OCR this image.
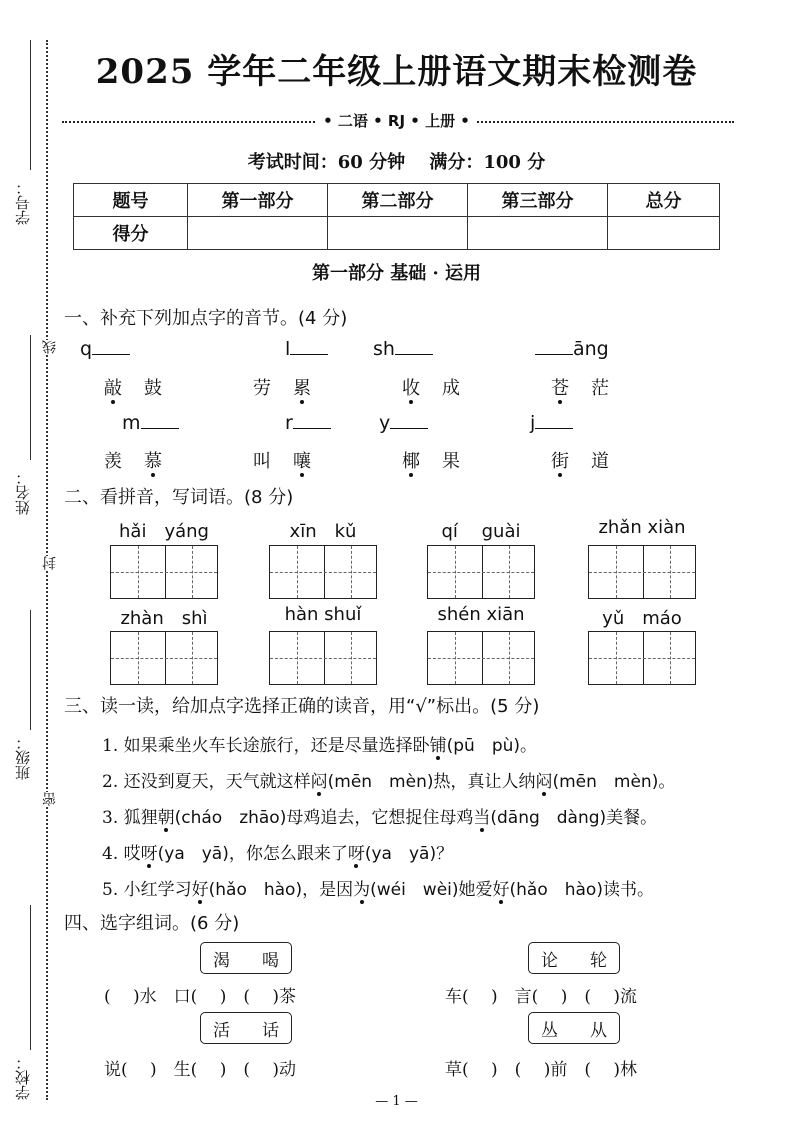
学号：
姓名：
班级：
学校：
线
封
密
2025 学年二年级上册语文期末检测卷
• 二语 • RJ • 上册 •
考试时间：60 分钟　 满分：100 分
题号	第一部分	第二部分	第三部分	总分
得分				
第一部分 基础 · 运用
一、补充下列加点字的音节。(4 分)
q
敲 鼓
l
劳 累
sh
收 成
āng
苍 茫
m
羡 慕
r
叫 嚷
y
椰 果
j
街 道
二、看拼音，写词语。(8 分)
hǎi　yáng	xīn　kǔ	qí　 guài	zhǎn xiàn
zhàn　shì	hàn shuǐ	shén xiān	yǔ　máo
三、读一读，给加点字选择正确的读音，用“√”标出。(5 分)
1. 如果乘坐火车长途旅行，还是尽量选择卧铺(pū　pù)。
2. 还没到夏天，天气就这样闷(mēn　mèn)热，真让人纳闷(mēn　mèn)。
3. 狐狸朝(cháo　zhāo)母鸡追去，它想捉住母鸡当(dāng　dàng)美餐。
4. 哎呀(ya　yā)，你怎么跟来了呀(ya　yā)？
5. 小红学习好(hǎo　hào)，是因为(wéi　wèi)她爱好(hǎo　hào)读书。
四、选字组词。(6 分)
渴 喝
(　 )水　口(　 )　(　 )茶
论 轮
车(　 )　言(　 )　(　 )流
活 话
说(　 )　生(　 )　(　 )动
丛 从
草(　 )　(　 )前　(　 )林
— 1 —
